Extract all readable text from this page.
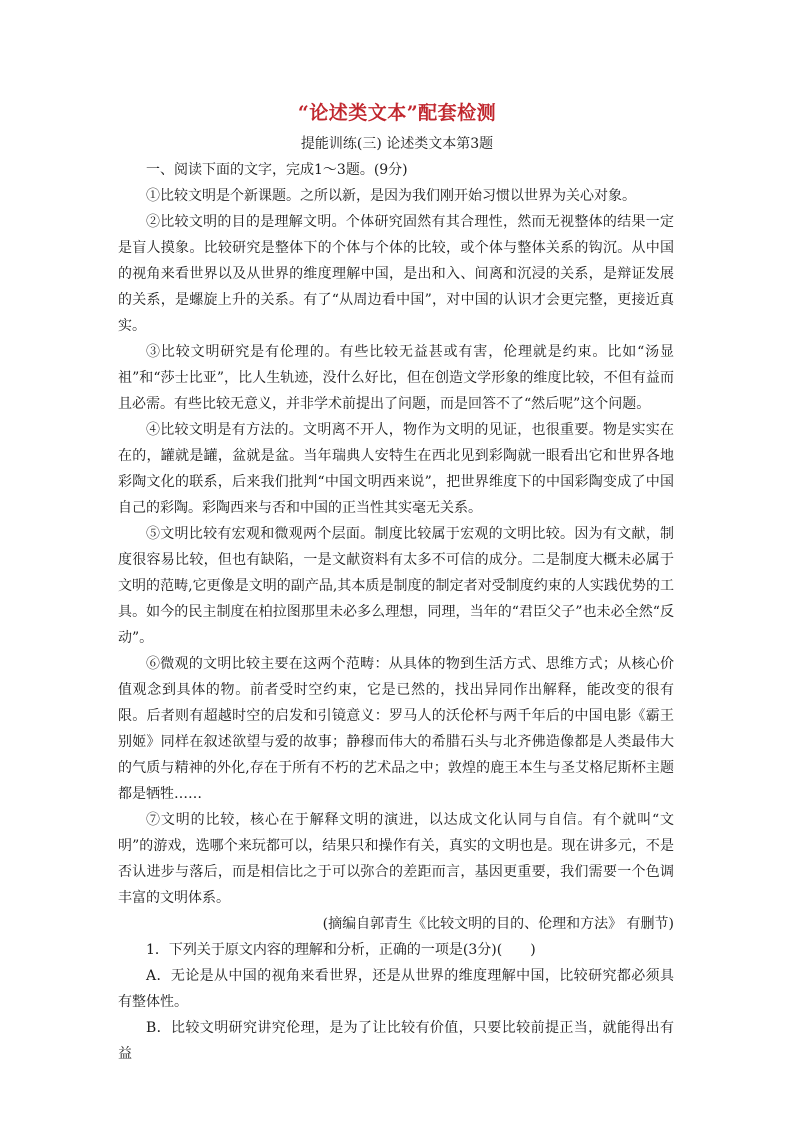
“论述类文本”配套检测
提能训练(三) 论述类文本第3题

一、阅读下面的文字，完成1～3题。(9分)

①比较文明是个新课题。之所以新，是因为我们刚开始习惯以世界为关心对象。

②比较文明的目的是理解文明。个体研究固然有其合理性，然而无视整体的结果一定是盲人摸象。比较研究是整体下的个体与个体的比较，或个体与整体关系的钩沉。从中国的视角来看世界以及从世界的维度理解中国，是出和入、间离和沉浸的关系，是辩证发展的关系，是螺旋上升的关系。有了“从周边看中国”，对中国的认识才会更完整，更接近真实。

③比较文明研究是有伦理的。有些比较无益甚或有害，伦理就是约束。比如“汤显祖”和“莎士比亚”，比人生轨迹，没什么好比，但在创造文学形象的维度比较，不但有益而且必需。有些比较无意义，并非学术前提出了问题，而是回答不了“然后呢”这个问题。

④比较文明是有方法的。文明离不开人，物作为文明的见证，也很重要。物是实实在在的，罐就是罐，盆就是盆。当年瑞典人安特生在西北见到彩陶就一眼看出它和世界各地彩陶文化的联系，后来我们批判“中国文明西来说”，把世界维度下的中国彩陶变成了中国自己的彩陶。彩陶西来与否和中国的正当性其实毫无关系。

⑤文明比较有宏观和微观两个层面。制度比较属于宏观的文明比较。因为有文献，制度很容易比较，但也有缺陷，一是文献资料有太多不可信的成分。二是制度大概未必属于文明的范畴,它更像是文明的副产品,其本质是制度的制定者对受制度约束的人实践优势的工具。如今的民主制度在柏拉图那里未必多么理想，同理，当年的“君臣父子”也未必全然“反动”。

⑥微观的文明比较主要在这两个范畴：从具体的物到生活方式、思维方式；从核心价值观念到具体的物。前者受时空约束，它是已然的，找出异同作出解释，能改变的很有限。后者则有超越时空的启发和引镜意义：罗马人的沃伦杯与两千年后的中国电影《霸王别姬》同样在叙述欲望与爱的故事；静穆而伟大的希腊石头与北齐佛造像都是人类最伟大的气质与精神的外化,存在于所有不朽的艺术品之中；敦煌的鹿王本生与圣艾格尼斯杯主题都是牺牲……

⑦文明的比较，核心在于解释文明的演进，以达成文化认同与自信。有个就叫“文明”的游戏，选哪个来玩都可以，结果只和操作有关，真实的文明也是。现在讲多元，不是否认进步与落后，而是相信比之于可以弥合的差距而言，基因更重要，我们需要一个色调丰富的文明体系。

(摘编自郭青生《比较文明的目的、伦理和方法》 有删节)

1．下列关于原文内容的理解和分析，正确的一项是(3分)(　　)

A．无论是从中国的视角来看世界，还是从世界的维度理解中国，比较研究都必须具有整体性。

B．比较文明研究讲究伦理，是为了让比较有价值，只要比较前提正当，就能得出有益
